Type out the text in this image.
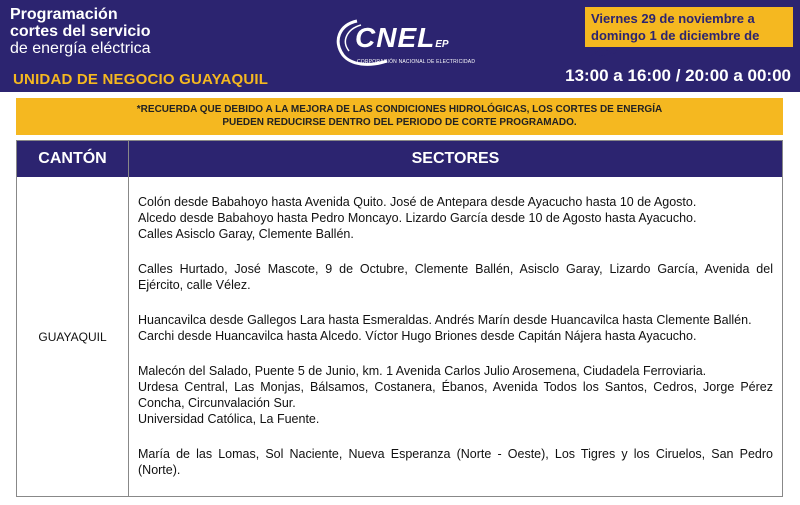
Programación
cortes del servicio
de energía eléctrica
UNIDAD DE NEGOCIO GUAYAQUIL
CNELEP
CORPORACIÓN NACIONAL DE ELECTRICIDAD
Viernes 29 de noviembre a
domingo 1 de diciembre de 2024
13:00 a 16:00 / 20:00 a 00:00
*RECUERDA QUE DEBIDO A LA MEJORA DE LAS CONDICIONES HIDROLÓGICAS, LOS CORTES DE ENERGÍA
PUEDEN REDUCIRSE DENTRO DEL PERIODO DE CORTE PROGRAMADO.
CANTÓN	SECTORES
GUAYAQUIL

Colón desde Babahoyo hasta Avenida Quito. José de Antepara desde Ayacucho hasta 10 de Agosto.
Alcedo desde Babahoyo hasta Pedro Moncayo. Lizardo García desde 10 de Agosto hasta Ayacucho.
Calles Asisclo Garay, Clemente Ballén.

Calles Hurtado, José Mascote, 9 de Octubre, Clemente Ballén, Asisclo Garay, Lizardo García, Avenida del Ejército, calle Vélez.

Huancavilca desde Gallegos Lara hasta Esmeraldas. Andrés Marín desde Huancavilca hasta Clemente Ballén.
Carchi desde Huancavilca hasta Alcedo. Víctor Hugo Briones desde Capitán Nájera hasta Ayacucho.

Malecón del Salado, Puente 5 de Junio, km. 1 Avenida Carlos Julio Arosemena, Ciudadela Ferroviaria.
Urdesa Central, Las Monjas, Bálsamos, Costanera, Ébanos, Avenida Todos los Santos, Cedros, Jorge Pérez Concha, Circunvalación Sur.
Universidad Católica, La Fuente.

María de las Lomas, Sol Naciente, Nueva Esperanza (Norte - Oeste), Los Tigres y los Ciruelos, San Pedro (Norte).
